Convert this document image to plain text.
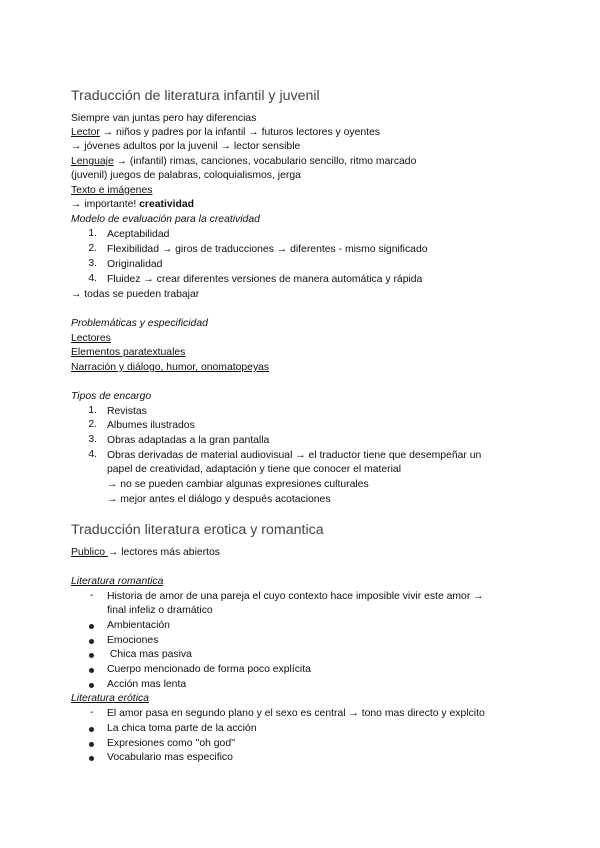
Traducción de literatura infantil y juvenil
Siempre van juntas pero hay diferencias
Lector → niños y padres por la infantil → futuros lectores y oyentes
→ jóvenes adultos por la juvenil → lector sensible
Lenguaje → (infantil) rimas, canciones, vocabulario sencillo, ritmo marcado
(juvenil) juegos de palabras, coloquialismos, jerga
Texto e imágenes
→ importante! creatividad
Modelo de evaluación para la creatividad
1. Aceptabilidad
2. Flexibilidad → giros de traducciones → diferentes - mismo significado
3. Originalidad
4. Fluidez → crear diferentes versiones de manera automática y rápida
→ todas se pueden trabajar
Problemáticas y especificidad
Lectores
Elementos paratextuales
Narración y diálogo, humor, onomatopeyas
Tipos de encargo
1. Revistas
2. Albumes ilustrados
3. Obras adaptadas a la gran pantalla
4. Obras derivadas de material audiovisual → el traductor tiene que desempeñar un
papel de creatividad, adaptación y tiene que conocer el material
→ no se pueden cambiar algunas expresiones culturales
→ mejor antes el diálogo y después acotaciones
Traducción literatura erotica y romantica
Publico → lectores más abiertos
Literatura romantica
- Historia de amor de una pareja el cuyo contexto hace imposible vivir este amor →
final infeliz o dramático
Ambientación
Emociones
Chica mas pasiva
Cuerpo mencionado de forma poco explícita
Acción mas lenta
Literatura erótica
- El amor pasa en segundo plano y el sexo es central → tono mas directo y explcito
La chica toma parte de la acción
Expresiones como ''oh god''
Vocabulario mas especifico
